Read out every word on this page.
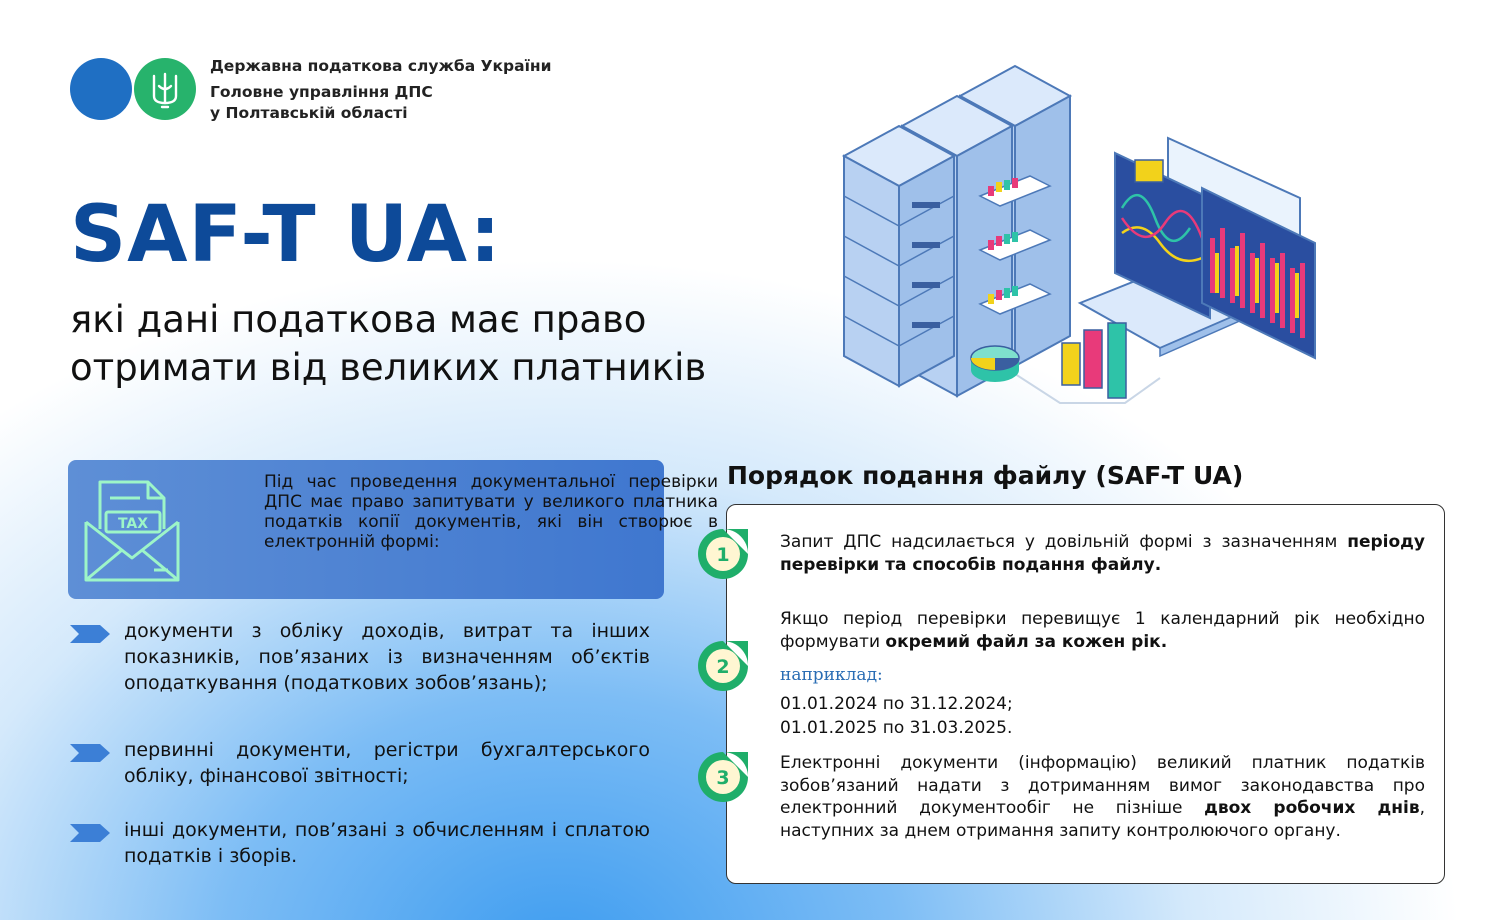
Державна податкова служба України
Головне управління ДПС
у Полтавській області
SAF-T UA:
які дані податкова має право
отримати від великих платників
TAX
Під час проведення документальної перевірки ДПС має право запитувати у великого платника податків копії документів, які він створює в електронній формі:
документи з обліку доходів, витрат та інших показників, пов’язаних із визначенням об’єктів оподаткування (податкових зобов’язань);
первинні документи, регістри бухгалтерського обліку, фінансової звітності;
інші документи, пов’язані з обчисленням і сплатою податків і зборів.
Порядок подання файлу (SAF-T UA)
1
2
3
Запит ДПС надсилається у довільній формі з зазначенням періоду перевірки та способів подання файлу.
Якщо період перевірки перевищує 1 календарний рік необхідно формувати окремий файл за кожен рік.
наприклад:
01.01.2024 по 31.12.2024;
01.01.2025 по 31.03.2025.
Електронні документи (інформацію) великий платник податків зобов’язаний надати з дотриманням вимог законодавства про електронний документообіг не пізніше двох робочих днів, наступних за днем отримання запиту контролюючого органу.
